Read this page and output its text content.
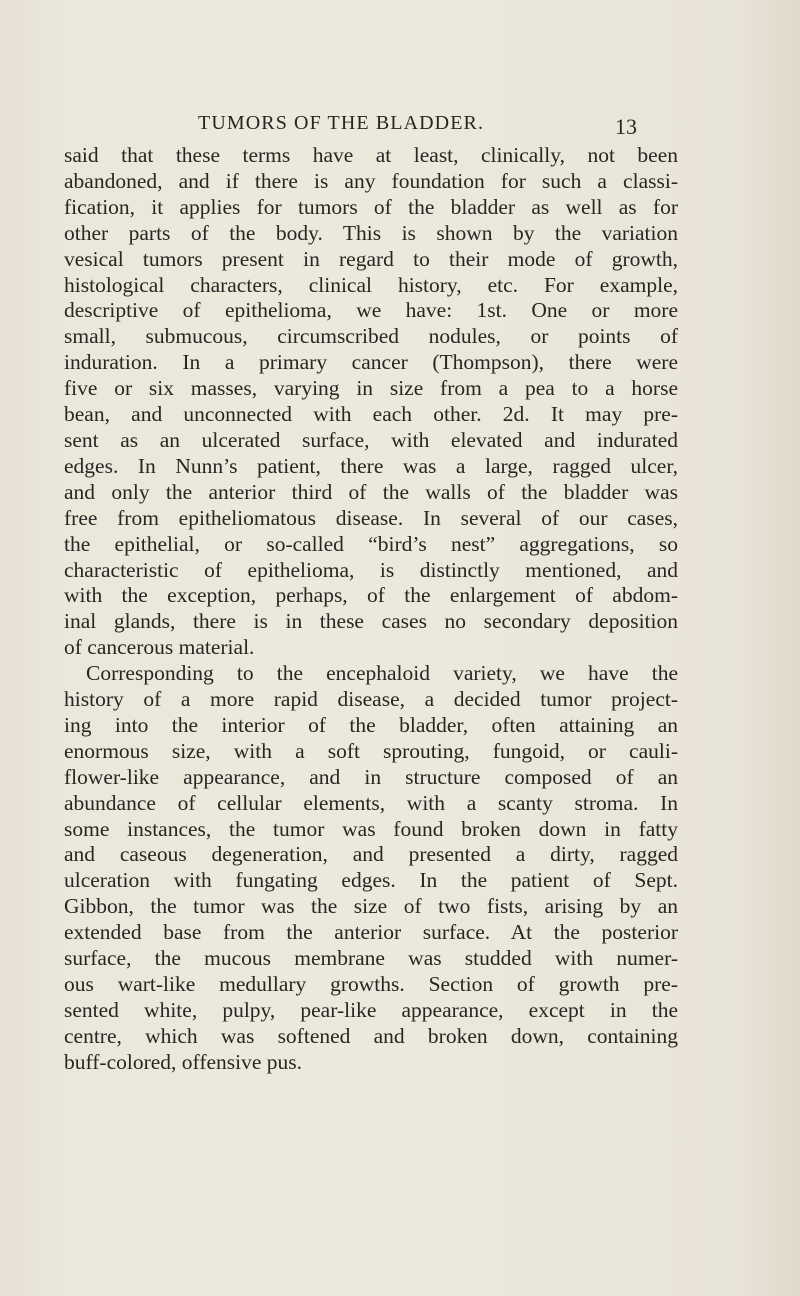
TUMORS OF THE BLADDER.	13
said that these terms have at least, clinically, not been
abandoned, and if there is any foundation for such a classi-
fication, it applies for tumors of the bladder as well as for
other parts of the body. This is shown by the variation
vesical tumors present in regard to their mode of growth,
histological characters, clinical history, etc. For example,
descriptive of epithelioma, we have: 1st. One or more
small, submucous, circumscribed nodules, or points of
induration. In a primary cancer (Thompson), there were
five or six masses, varying in size from a pea to a horse
bean, and unconnected with each other. 2d. It may pre-
sent as an ulcerated surface, with elevated and indurated
edges. In Nunn’s patient, there was a large, ragged ulcer,
and only the anterior third of the walls of the bladder was
free from epitheliomatous disease. In several of our cases,
the epithelial, or so-called “bird’s nest” aggregations, so
characteristic of epithelioma, is distinctly mentioned, and
with the exception, perhaps, of the enlargement of abdom-
inal glands, there is in these cases no secondary deposition
of cancerous material.
Corresponding to the encephaloid variety, we have the
history of a more rapid disease, a decided tumor project-
ing into the interior of the bladder, often attaining an
enormous size, with a soft sprouting, fungoid, or cauli-
flower-like appearance, and in structure composed of an
abundance of cellular elements, with a scanty stroma. In
some instances, the tumor was found broken down in fatty
and caseous degeneration, and presented a dirty, ragged
ulceration with fungating edges. In the patient of Sept.
Gibbon, the tumor was the size of two fists, arising by an
extended base from the anterior surface. At the posterior
surface, the mucous membrane was studded with numer-
ous wart-like medullary growths. Section of growth pre-
sented white, pulpy, pear-like appearance, except in the
centre, which was softened and broken down, containing
buff-colored, offensive pus.
